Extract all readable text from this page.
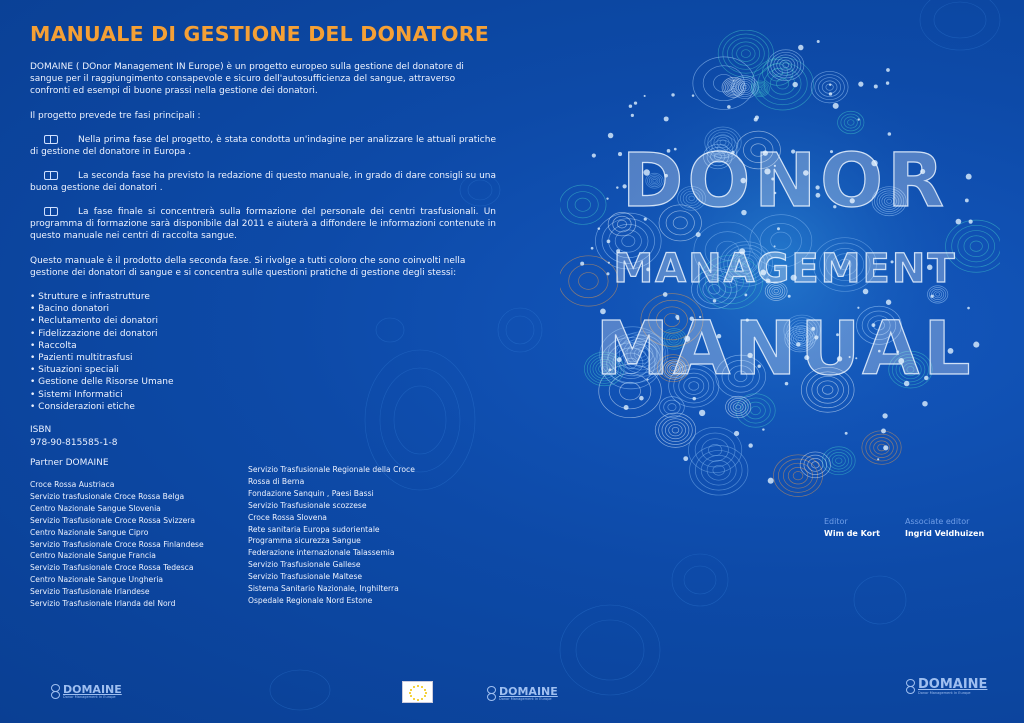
MANUALE DI GESTIONE DEL DONATORE

DOMAINE ( DOnor Management IN Europe) è un progetto europeo sulla gestione del donatore di sangue per il raggiungimento consapevole e sicuro dell'autosufficienza del sangue, attraverso confronti ed esempi di buone prassi nella gestione dei donatori.

Il progetto prevede tre fasi principali :

Nella prima fase del progetto, è stata condotta un'indagine per analizzare le attuali pratiche di gestione del donatore in Europa .

La seconda fase ha previsto la redazione di questo manuale, in grado di dare consigli su una buona gestione dei donatori .

La fase finale si concentrerà sulla formazione del personale dei centri trasfusionali. Un programma di formazione sarà disponibile dal 2011 e aiuterà a diffondere le informazioni contenute in questo manuale nei centri di raccolta sangue.

Questo manuale è il prodotto della seconda fase. Si rivolge a tutti coloro che sono coinvolti nella gestione dei donatori di sangue e si concentra sulle questioni pratiche di gestione degli stessi:

• Strutture e infrastrutture
• Bacino donatori
• Reclutamento dei donatori
• Fidelizzazione dei donatori
• Raccolta
• Pazienti multitrasfusi
• Situazioni speciali
• Gestione delle Risorse Umane
• Sistemi Informatici
• Considerazioni etiche
ISBN
978-90-815585-1-8

Partner DOMAINE

Croce Rossa Austriaca
Servizio trasfusionale Croce Rossa Belga
Centro Nazionale Sangue Slovenia
Servizio Trasfusionale Croce Rossa Svizzera
Centro Nazionale Sangue Cipro
Servizio Trasfusionale Croce Rossa Finlandese
Centro Nazionale Sangue Francia
Servizio Trasfusionale Croce Rossa Tedesca
Centro Nazionale Sangue Ungheria
Servizio Trasfusionale Irlandese
Servizio Trasfusionale Irlanda del Nord
Servizio Trasfusionale Regionale della Croce
Rossa di Berna
Fondazione Sanquin , Paesi Bassi
Servizio Trasfusionale scozzese
Croce Rossa Slovena
Rete sanitaria Europa sudorientale
Programma sicurezza Sangue
Federazione internazionale Talassemia
Servizio Trasfusionale Gallese
Servizio Trasfusionale Maltese
Sistema Sanitario Nazionale, Inghilterra
Ospedale Regionale Nord Estone
DONOR
MANAGEMENT
MANUAL

Editor

Wim de Kort

Associate editor

Ingrid Veldhuizen

DOMAINE
Donor Management In Europe	DOMAINE
Donor Management In Europe
DOMAINE
Donor Management In Europe
